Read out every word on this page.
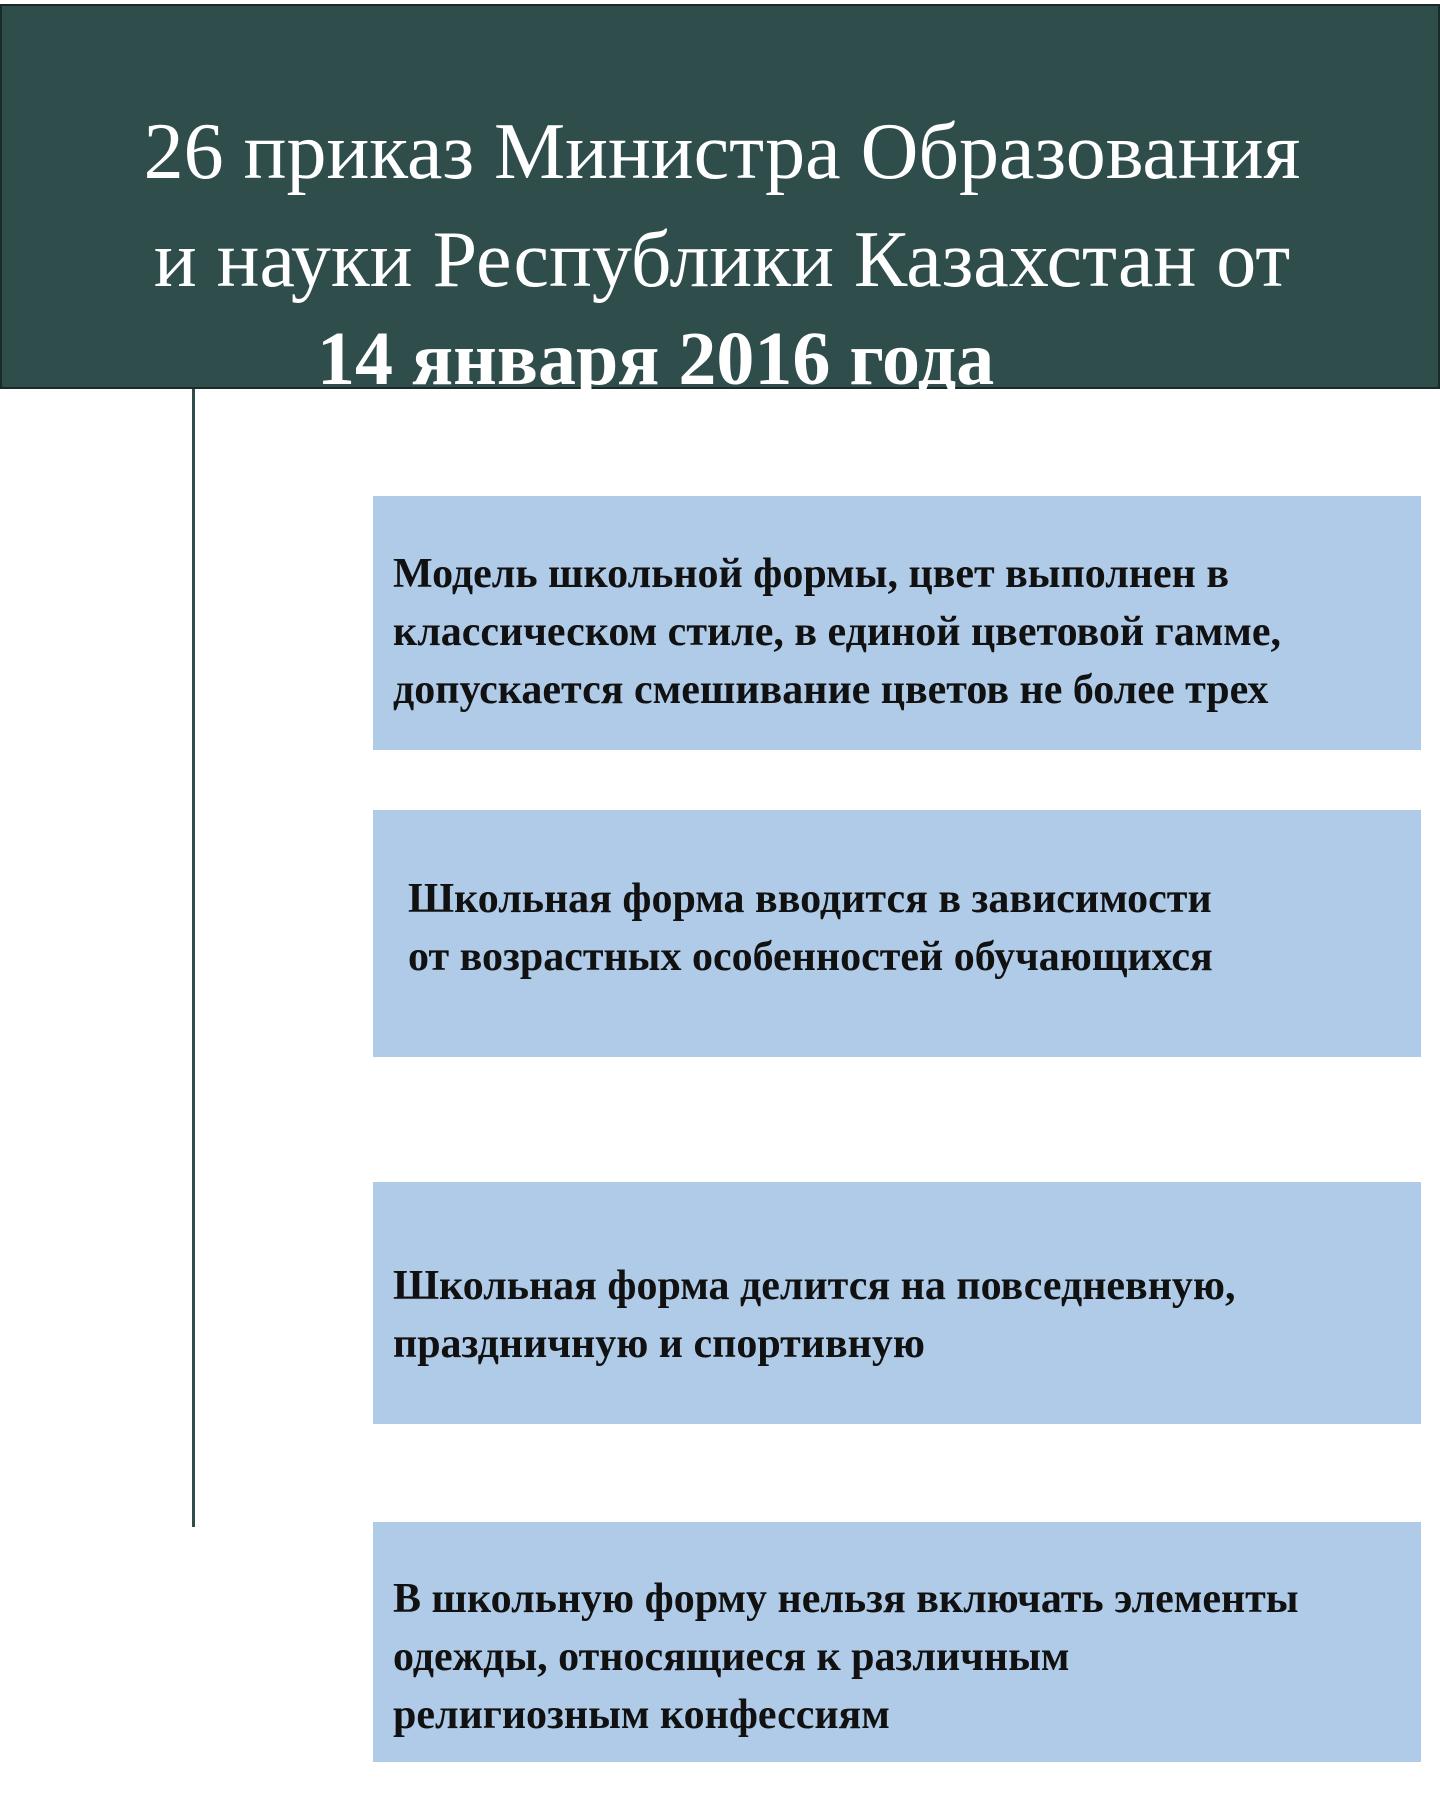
26 приказ Министра Образования
и науки Республики Казахстан от
14 января 2016 года
Модель школьной формы, цвет выполнен в
классическом стиле, в единой цветовой гамме,
допускается смешивание цветов не более трех
Школьная форма вводится в зависимости
от возрастных особенностей обучающихся
Школьная форма делится на повседневную,
праздничную и спортивную
В школьную форму нельзя включать элементы
одежды, относящиеся к различным
религиозным конфессиям
